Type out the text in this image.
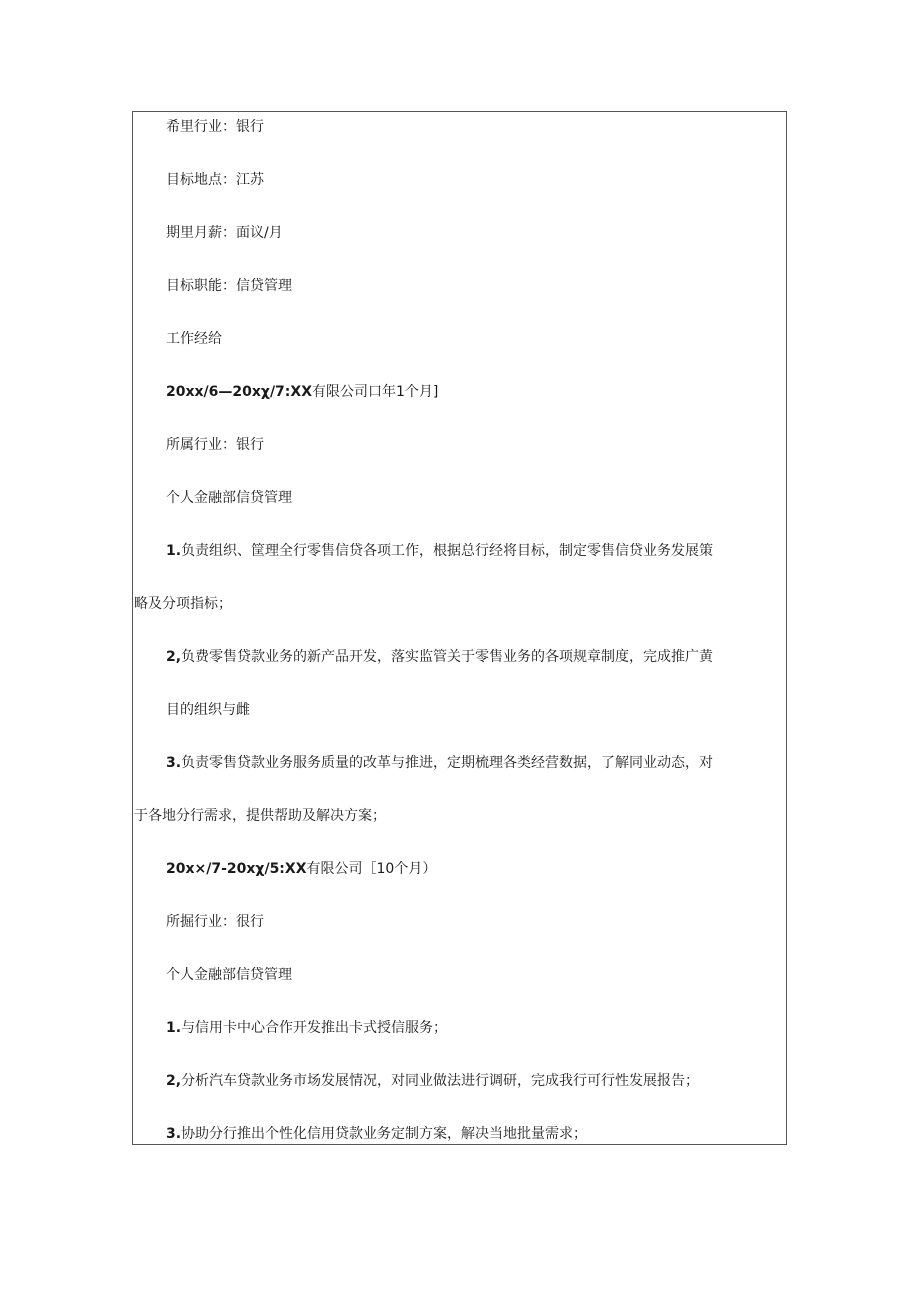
希里行业：银行
目标地点：江苏
期里月薪：面议/月
目标职能：信贷管理
工作经给
20xx/6—20xχ/7:XX有限公司口年1个月]
所属行业：银行
个人金融部信贷管理
1.负责组织、筐理全行零售信贷各项工作，根据总行经将目标，制定零售信贷业务发展策
略及分项指标；
2,负费零售贷款业务的新产品开发，落实监管关于零售业务的各项规章制度，完成推广黄
目的组织与雌
3.负责零售贷款业务服务质量的改革与推进，定期梳理各类经营数据，了解同业动态，对
于各地分行需求，提供帮助及解决方案；
20x×/7-20xχ/5:XX有限公司［10个月）
所掘行业：很行
个人金融部信贷管理
1.与信用卡中心合作开发推出卡式授信服务；
2,分析汽车贷款业务市场发展情况，对同业做法进行调研，完成我行可行性发展报告；
3.协助分行推出个性化信用贷款业务定制方案，解决当地批量需求；
